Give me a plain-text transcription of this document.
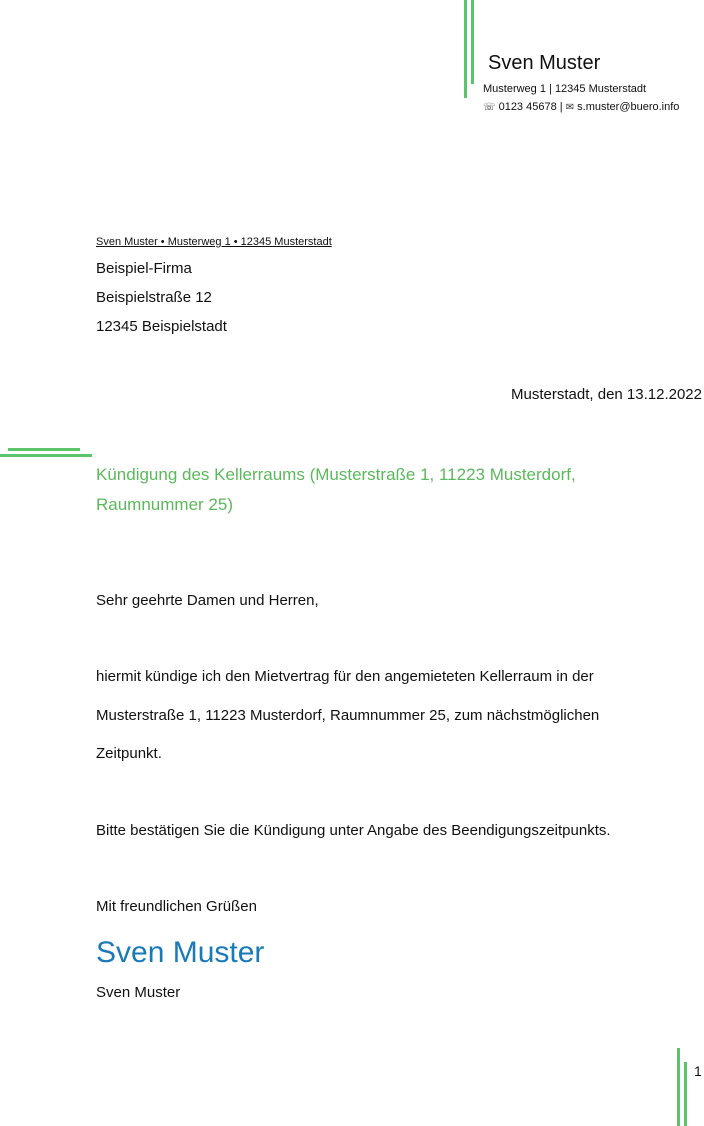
Sven Muster
Musterweg 1 | 12345 Musterstadt
☏ 0123 45678 | ✉ s.muster@buero.info
Sven Muster • Musterweg 1 • 12345 Musterstadt
Beispiel-Firma
Beispielstraße 12
12345 Beispielstadt
Musterstadt, den 13.12.2022
Kündigung des Kellerraums (Musterstraße 1, 11223 Musterdorf, Raumnummer 25)
Sehr geehrte Damen und Herren,
hiermit kündige ich den Mietvertrag für den angemieteten Kellerraum in der
Musterstraße 1, 11223 Musterdorf, Raumnummer 25, zum nächstmöglichen
Zeitpunkt.
Bitte bestätigen Sie die Kündigung unter Angabe des Beendigungszeitpunkts.
Mit freundlichen Grüßen
Sven Muster
Sven Muster
1
